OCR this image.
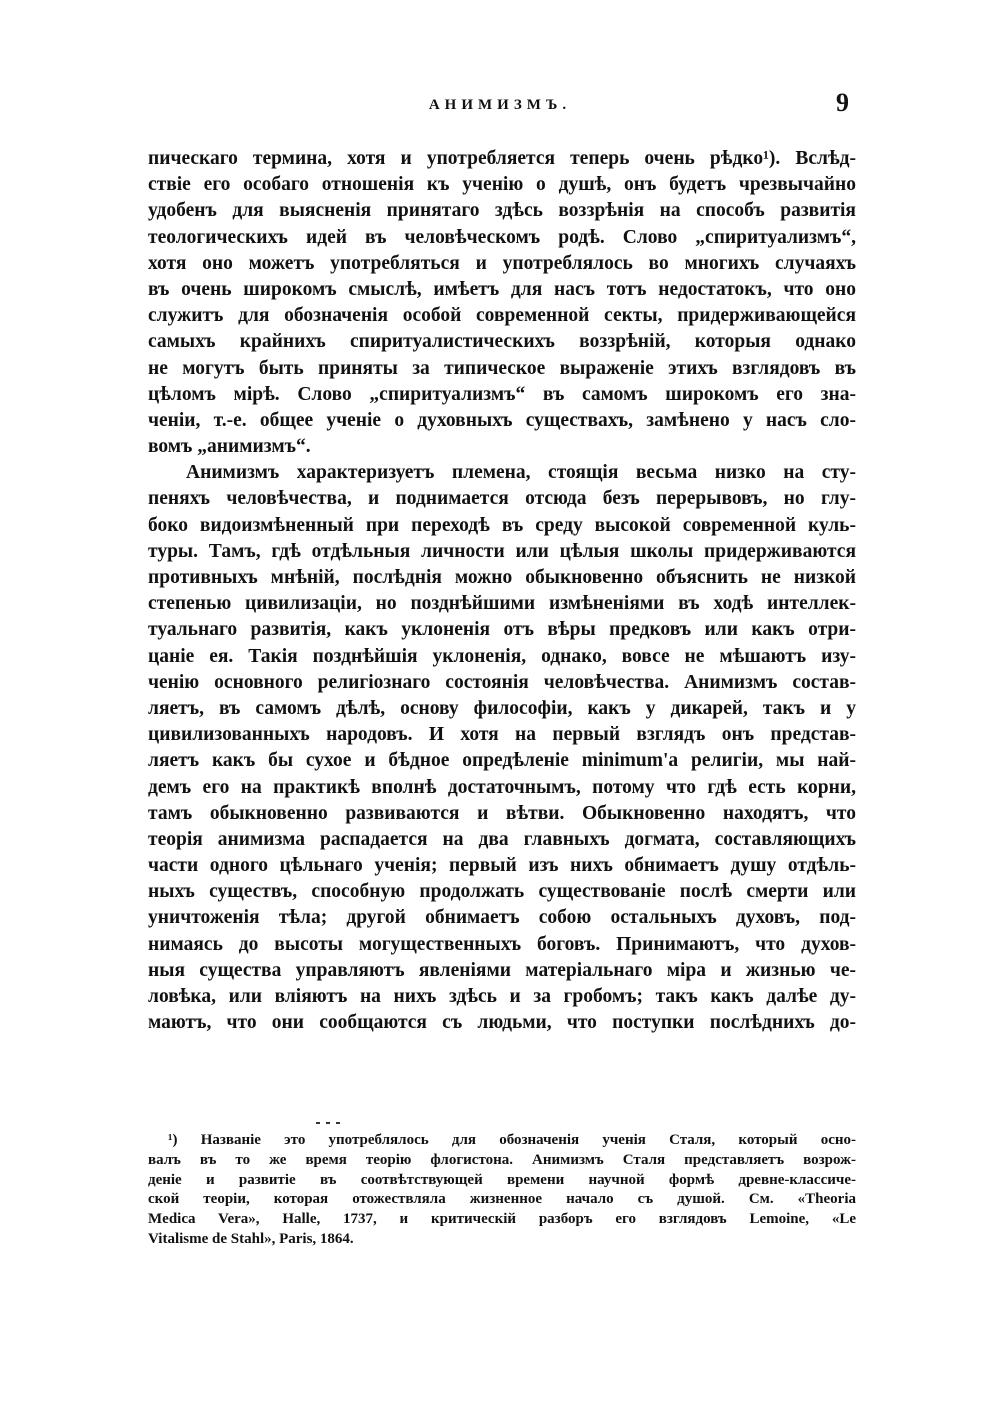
АНИМИЗМЪ.	9
пическаго термина, хотя и употребляется теперь очень рѣдко¹). Вслѣд-
ствіе его особаго отношенія къ ученію о душѣ, онъ будетъ чрезвычайно
удобенъ для выясненія принятаго здѣсь воззрѣнія на способъ развитія
теологическихъ идей въ человѣческомъ родѣ. Слово „спиритуализмъ“,
хотя оно можетъ употребляться и употреблялось во многихъ случаяхъ
въ очень широкомъ смыслѣ, имѣетъ для насъ тотъ недостатокъ, что оно
служитъ для обозначенія особой современной секты, придерживающейся
самыхъ крайнихъ спиритуалистическихъ воззрѣній, которыя однако
не могутъ быть приняты за типическое выраженіе этихъ взглядовъ въ
цѣломъ мірѣ. Слово „спиритуализмъ“ въ самомъ широкомъ его зна-
ченіи, т.-е. общее ученіе о духовныхъ существахъ, замѣнено у насъ сло-
вомъ „анимизмъ“.
Анимизмъ характеризуетъ племена, стоящія весьма низко на сту-
пеняхъ человѣчества, и поднимается отсюда безъ перерывовъ, но глу-
боко видоизмѣненный при переходѣ въ среду высокой современной куль-
туры. Тамъ, гдѣ отдѣльныя личности или цѣлыя школы придерживаются
противныхъ мнѣній, послѣднія можно обыкновенно объяснить не низкой
степенью цивилизаціи, но позднѣйшими измѣненіями въ ходѣ интеллек-
туальнаго развитія, какъ уклоненія отъ вѣры предковъ или какъ отри-
цаніе ея. Такія позднѣйшія уклоненія, однако, вовсе не мѣшаютъ изу-
ченію основного религіознаго состоянія человѣчества. Анимизмъ состав-
ляетъ, въ самомъ дѣлѣ, основу философіи, какъ у дикарей, такъ и у
цивилизованныхъ народовъ. И хотя на первый взглядъ онъ представ-
ляетъ какъ бы сухое и бѣдное опредѣленіе minimum'а религіи, мы най-
демъ его на практикѣ вполнѣ достаточнымъ, потому что гдѣ есть корни,
тамъ обыкновенно развиваются и вѣтви. Обыкновенно находятъ, что
теорія анимизма распадается на два главныхъ догмата, составляющихъ
части одного цѣльнаго ученія; первый изъ нихъ обнимаетъ душу отдѣль-
ныхъ существъ, способную продолжать существованіе послѣ смерти или
уничтоженія тѣла; другой обнимаетъ собою остальныхъ духовъ, под-
нимаясь до высоты могущественныхъ боговъ. Принимаютъ, что духов-
ныя существа управляютъ явленіями матеріальнаго міра и жизнью че-
ловѣка, или вліяютъ на нихъ здѣсь и за гробомъ; такъ какъ далѣе ду-
маютъ, что они сообщаются съ людьми, что поступки послѣднихъ до-
¹) Названіе это употреблялось для обозначенія ученія Сталя, который осно-
валъ въ то же время теорію флогистона. Анимизмъ Сталя представляетъ возрож-
деніе и развитіе въ соотвѣтствующей времени научной формѣ древне-классиче-
ской теоріи, которая отожествляла жизненное начало съ душой. См. «Theoria
Medica Vera», Halle, 1737, и критическій разборъ его взглядовъ Lemoine, «Le
Vitalisme de Stahl», Paris, 1864.
